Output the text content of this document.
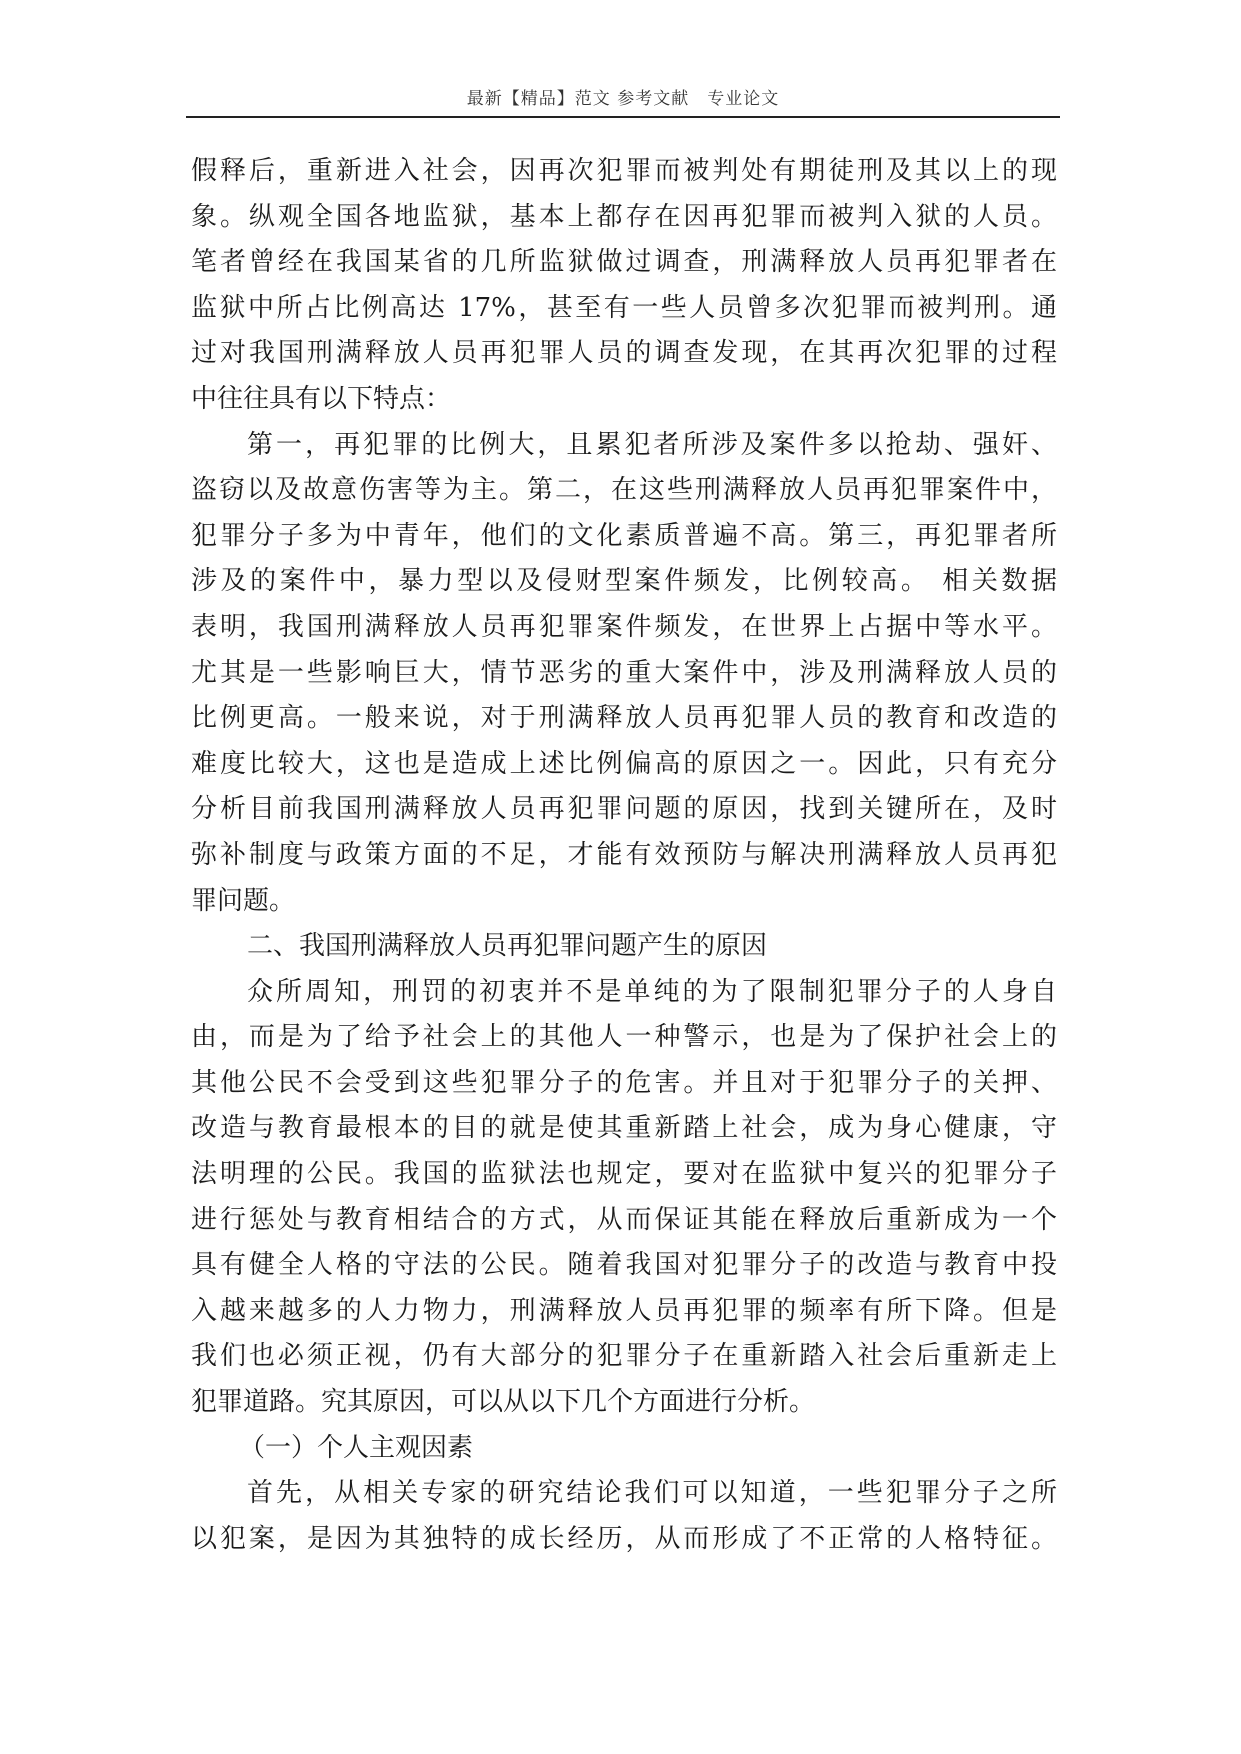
最新【精品】范文 参考文献　专业论文
假释后，重新进入社会，因再次犯罪而被判处有期徒刑及其以上的现
象。纵观全国各地监狱，基本上都存在因再犯罪而被判入狱的人员。
笔者曾经在我国某省的几所监狱做过调查，刑满释放人员再犯罪者在
监狱中所占比例高达 17%，甚至有一些人员曾多次犯罪而被判刑。通
过对我国刑满释放人员再犯罪人员的调查发现，在其再次犯罪的过程
中往往具有以下特点：
第一，再犯罪的比例大，且累犯者所涉及案件多以抢劫、强奸、
盗窃以及故意伤害等为主。第二，在这些刑满释放人员再犯罪案件中，
犯罪分子多为中青年，他们的文化素质普遍不高。第三，再犯罪者所
涉及的案件中，暴力型以及侵财型案件频发，比例较高。 相关数据
表明，我国刑满释放人员再犯罪案件频发，在世界上占据中等水平。
尤其是一些影响巨大，情节恶劣的重大案件中，涉及刑满释放人员的
比例更高。一般来说，对于刑满释放人员再犯罪人员的教育和改造的
难度比较大，这也是造成上述比例偏高的原因之一。因此，只有充分
分析目前我国刑满释放人员再犯罪问题的原因，找到关键所在，及时
弥补制度与政策方面的不足，才能有效预防与解决刑满释放人员再犯
罪问题。
二、我国刑满释放人员再犯罪问题产生的原因
众所周知，刑罚的初衷并不是单纯的为了限制犯罪分子的人身自
由，而是为了给予社会上的其他人一种警示，也是为了保护社会上的
其他公民不会受到这些犯罪分子的危害。并且对于犯罪分子的关押、
改造与教育最根本的目的就是使其重新踏上社会，成为身心健康，守
法明理的公民。我国的监狱法也规定，要对在监狱中复兴的犯罪分子
进行惩处与教育相结合的方式，从而保证其能在释放后重新成为一个
具有健全人格的守法的公民。随着我国对犯罪分子的改造与教育中投
入越来越多的人力物力，刑满释放人员再犯罪的频率有所下降。但是
我们也必须正视，仍有大部分的犯罪分子在重新踏入社会后重新走上
犯罪道路。究其原因，可以从以下几个方面进行分析。
（一）个人主观因素
首先，从相关专家的研究结论我们可以知道，一些犯罪分子之所
以犯案，是因为其独特的成长经历，从而形成了不正常的人格特征。
